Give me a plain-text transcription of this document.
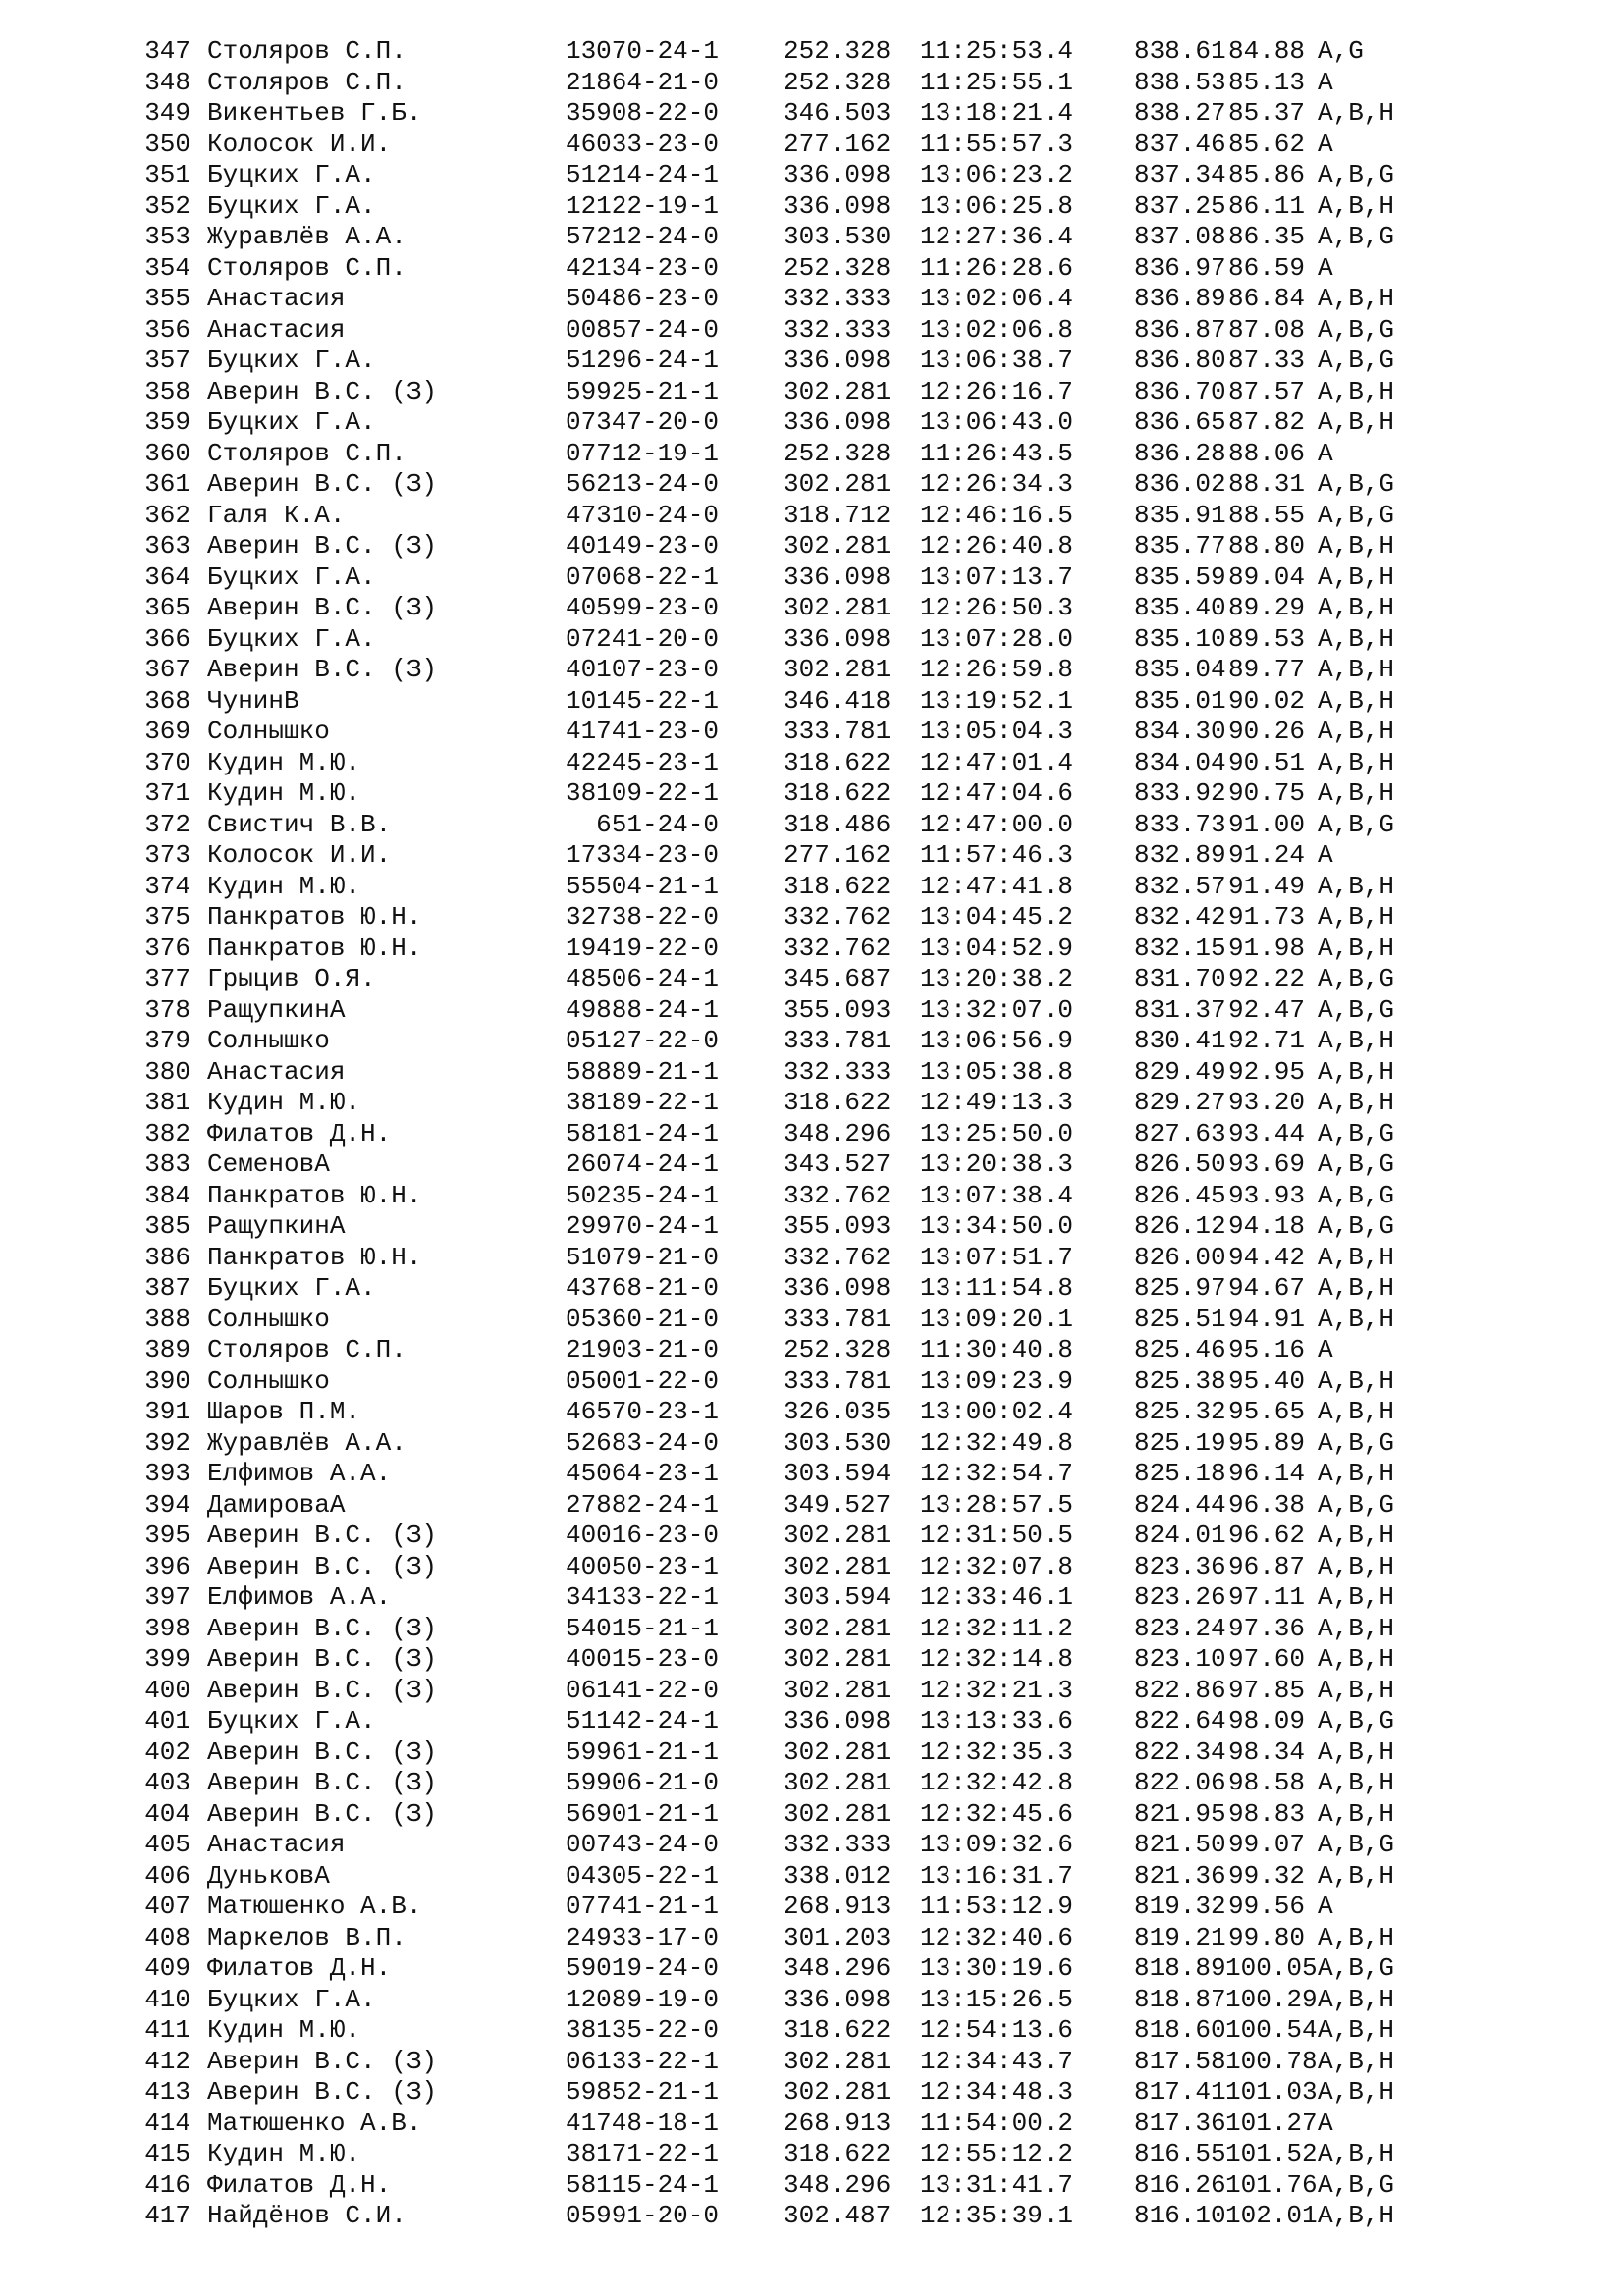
347 Столяров С.П.	13070-24-1	252.328 11:25:53.4 838.61 84.88 A,G
348 Столяров С.П.	21864-21-0	252.328 11:25:55.1 838.53 85.13 A
349 Викентьев Г.Б.	35908-22-0	346.503 13:18:21.4 838.27 85.37 A,B,H
350 Колосок И.И.	46033-23-0	277.162 11:55:57.3 837.46 85.62 A
351 Буцких Г.А.	51214-24-1	336.098 13:06:23.2 837.34 85.86 A,B,G
352 Буцких Г.А.	12122-19-1	336.098 13:06:25.8 837.25 86.11 A,B,H
353 Журавлёв А.А.	57212-24-0	303.530 12:27:36.4 837.08 86.35 A,B,G
354 Столяров С.П.	42134-23-0	252.328 11:26:28.6 836.97 86.59 A
355 Анастасия	50486-23-0	332.333 13:02:06.4 836.89 86.84 A,B,H
356 Анастасия	00857-24-0	332.333 13:02:06.8 836.87 87.08 A,B,G
357 Буцких Г.А.	51296-24-1	336.098 13:06:38.7 836.80 87.33 A,B,G
358 Аверин В.С. (З)	59925-21-1	302.281 12:26:16.7 836.70 87.57 A,B,H
359 Буцких Г.А.	07347-20-0	336.098 13:06:43.0 836.65 87.82 A,B,H
360 Столяров С.П.	07712-19-1	252.328 11:26:43.5 836.28 88.06 A
361 Аверин В.С. (З)	56213-24-0	302.281 12:26:34.3 836.02 88.31 A,B,G
362 Галя К.А.	47310-24-0	318.712 12:46:16.5 835.91 88.55 A,B,G
363 Аверин В.С. (З)	40149-23-0	302.281 12:26:40.8 835.77 88.80 A,B,H
364 Буцких Г.А.	07068-22-1	336.098 13:07:13.7 835.59 89.04 A,B,H
365 Аверин В.С. (З)	40599-23-0	302.281 12:26:50.3 835.40 89.29 A,B,H
366 Буцких Г.А.	07241-20-0	336.098 13:07:28.0 835.10 89.53 A,B,H
367 Аверин В.С. (З)	40107-23-0	302.281 12:26:59.8 835.04 89.77 A,B,H
368 ЧунинВ	10145-22-1	346.418 13:19:52.1 835.01 90.02 A,B,H
369 Солнышко	41741-23-0	333.781 13:05:04.3 834.30 90.26 A,B,H
370 Кудин М.Ю.	42245-23-1	318.622 12:47:01.4 834.04 90.51 A,B,H
371 Кудин М.Ю.	38109-22-1	318.622 12:47:04.6 833.92 90.75 A,B,H
372 Свистич В.В.	651-24-0	318.486 12:47:00.0 833.73 91.00 A,B,G
373 Колосок И.И.	17334-23-0	277.162 11:57:46.3 832.89 91.24 A
374 Кудин М.Ю.	55504-21-1	318.622 12:47:41.8 832.57 91.49 A,B,H
375 Панкратов Ю.Н.	32738-22-0	332.762 13:04:45.2 832.42 91.73 A,B,H
376 Панкратов Ю.Н.	19419-22-0	332.762 13:04:52.9 832.15 91.98 A,B,H
377 Грыцив О.Я.	48506-24-1	345.687 13:20:38.2 831.70 92.22 A,B,G
378 РащупкинА	49888-24-1	355.093 13:32:07.0 831.37 92.47 A,B,G
379 Солнышко	05127-22-0	333.781 13:06:56.9 830.41 92.71 A,B,H
380 Анастасия	58889-21-1	332.333 13:05:38.8 829.49 92.95 A,B,H
381 Кудин М.Ю.	38189-22-1	318.622 12:49:13.3 829.27 93.20 A,B,H
382 Филатов Д.Н.	58181-24-1	348.296 13:25:50.0 827.63 93.44 A,B,G
383 СеменовА	26074-24-1	343.527 13:20:38.3 826.50 93.69 A,B,G
384 Панкратов Ю.Н.	50235-24-1	332.762 13:07:38.4 826.45 93.93 A,B,G
385 РащупкинА	29970-24-1	355.093 13:34:50.0 826.12 94.18 A,B,G
386 Панкратов Ю.Н.	51079-21-0	332.762 13:07:51.7 826.00 94.42 A,B,H
387 Буцких Г.А.	43768-21-0	336.098 13:11:54.8 825.97 94.67 A,B,H
388 Солнышко	05360-21-0	333.781 13:09:20.1 825.51 94.91 A,B,H
389 Столяров С.П.	21903-21-0	252.328 11:30:40.8 825.46 95.16 A
390 Солнышко	05001-22-0	333.781 13:09:23.9 825.38 95.40 A,B,H
391 Шаров П.М.	46570-23-1	326.035 13:00:02.4 825.32 95.65 A,B,H
392 Журавлёв А.А.	52683-24-0	303.530 12:32:49.8 825.19 95.89 A,B,G
393 Елфимов А.А.	45064-23-1	303.594 12:32:54.7 825.18 96.14 A,B,H
394 ДамироваА	27882-24-1	349.527 13:28:57.5 824.44 96.38 A,B,G
395 Аверин В.С. (З)	40016-23-0	302.281 12:31:50.5 824.01 96.62 A,B,H
396 Аверин В.С. (З)	40050-23-1	302.281 12:32:07.8 823.36 96.87 A,B,H
397 Елфимов А.А.	34133-22-1	303.594 12:33:46.1 823.26 97.11 A,B,H
398 Аверин В.С. (З)	54015-21-1	302.281 12:32:11.2 823.24 97.36 A,B,H
399 Аверин В.С. (З)	40015-23-0	302.281 12:32:14.8 823.10 97.60 A,B,H
400 Аверин В.С. (З)	06141-22-0	302.281 12:32:21.3 822.86 97.85 A,B,H
401 Буцких Г.А.	51142-24-1	336.098 13:13:33.6 822.64 98.09 A,B,G
402 Аверин В.С. (З)	59961-21-1	302.281 12:32:35.3 822.34 98.34 A,B,H
403 Аверин В.С. (З)	59906-21-0	302.281 12:32:42.8 822.06 98.58 A,B,H
404 Аверин В.С. (З)	56901-21-1	302.281 12:32:45.6 821.95 98.83 A,B,H
405 Анастасия	00743-24-0	332.333 13:09:32.6 821.50 99.07 A,B,G
406 ДуньковА	04305-22-1	338.012 13:16:31.7 821.36 99.32 A,B,H
407 Матюшенко А.В.	07741-21-1	268.913 11:53:12.9 819.32 99.56 A
408 Маркелов В.П.	24933-17-0	301.203 12:32:40.6 819.21 99.80 A,B,H
409 Филатов Д.Н.	59019-24-0	348.296 13:30:19.6 818.89 100.05 A,B,G
410 Буцких Г.А.	12089-19-0	336.098 13:15:26.5 818.87 100.29 A,B,H
411 Кудин М.Ю.	38135-22-0	318.622 12:54:13.6 818.60 100.54 A,B,H
412 Аверин В.С. (З)	06133-22-1	302.281 12:34:43.7 817.58 100.78 A,B,H
413 Аверин В.С. (З)	59852-21-1	302.281 12:34:48.3 817.41 101.03 A,B,H
414 Матюшенко А.В.	41748-18-1	268.913 11:54:00.2 817.36 101.27 A
415 Кудин М.Ю.	38171-22-1	318.622 12:55:12.2 816.55 101.52 A,B,H
416 Филатов Д.Н.	58115-24-1	348.296 13:31:41.7 816.26 101.76 A,B,G
417 Найдёнов С.И.	05991-20-0	302.487 12:35:39.1 816.10 102.01 A,B,H
